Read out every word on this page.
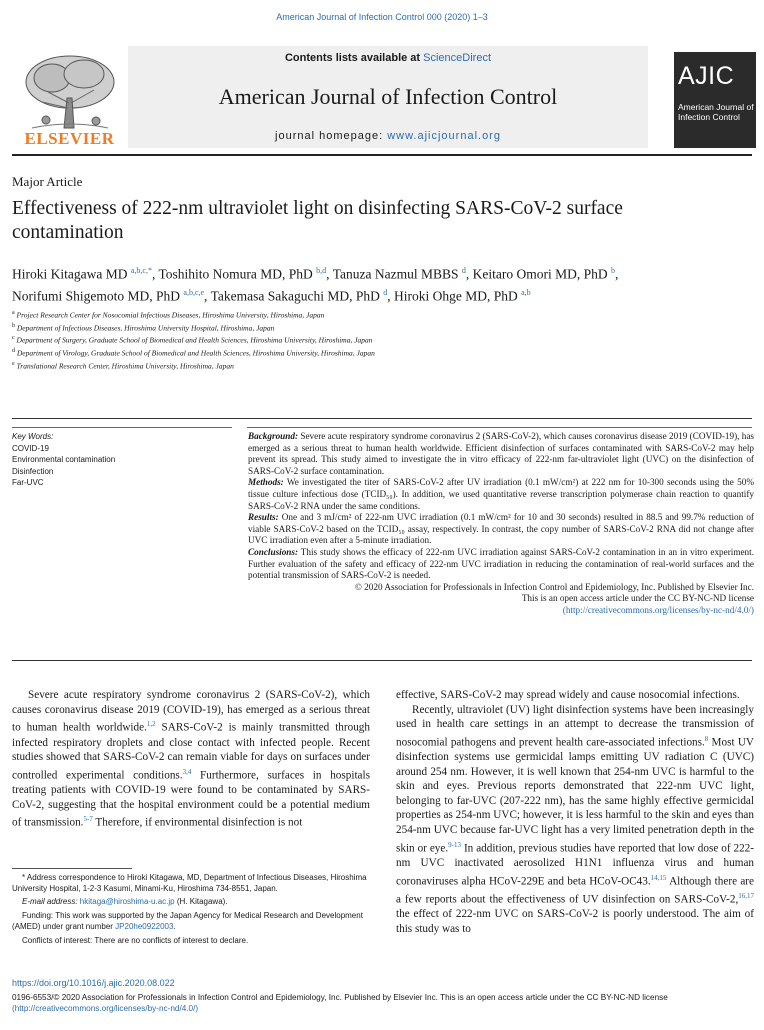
American Journal of Infection Control 000 (2020) 1–3
Contents lists available at ScienceDirect
American Journal of Infection Control
journal homepage: www.ajicjournal.org
ELSEVIER
AJIC
American Journal of Infection Control
Major Article
Effectiveness of 222-nm ultraviolet light on disinfecting SARS-CoV-2 surface contamination
Hiroki Kitagawa MD $^{a,b,c,*}$, Toshihito Nomura MD, PhD $^{b,d}$, Tanuza Nazmul MBBS $^d$, Keitaro Omori MD, PhD $^b$,
Norifumi Shigemoto MD, PhD $^{a,b,c,e}$, Takemasa Sakaguchi MD, PhD $^d$, Hiroki Ohge MD, PhD $^{a,b}$
$^a$ Project Research Center for Nosocomial Infectious Diseases, Hiroshima University, Hiroshima, Japan
$^b$ Department of Infectious Diseases, Hiroshima University Hospital, Hiroshima, Japan
$^c$ Department of Surgery, Graduate School of Biomedical and Health Sciences, Hiroshima University, Hiroshima, Japan
$^d$ Department of Virology, Graduate School of Biomedical and Health Sciences, Hiroshima University, Hiroshima, Japan
$^e$ Translational Research Center, Hiroshima University, Hiroshima, Japan
Key Words:
COVID-19
Environmental contamination
Disinfection
Far-UVC

Background: Severe acute respiratory syndrome coronavirus 2 (SARS-CoV-2), which causes coronavirus disease 2019 (COVID-19), has emerged as a serious threat to human health worldwide. Efficient disinfection of surfaces contaminated with SARS-CoV-2 may help prevent its spread. This study aimed to investigate the in vitro efficacy of 222-nm far-ultraviolet light (UVC) on the disinfection of SARS-CoV-2 surface contamination.

Methods: We investigated the titer of SARS-CoV-2 after UV irradiation (0.1 mW/cm²) at 222 nm for 10-300 seconds using the 50% tissue culture infectious dose (TCID₅₀). In addition, we used quantitative reverse transcription polymerase chain reaction to quantify SARS-CoV-2 RNA under the same conditions.

Results: One and 3 mJ/cm² of 222-nm UVC irradiation (0.1 mW/cm² for 10 and 30 seconds) resulted in 88.5 and 99.7% reduction of viable SARS-CoV-2 based on the TCID₅₀ assay, respectively. In contrast, the copy number of SARS-CoV-2 RNA did not change after UVC irradiation even after a 5-minute irradiation.

Conclusions: This study shows the efficacy of 222-nm UVC irradiation against SARS-CoV-2 contamination in an in vitro experiment. Further evaluation of the safety and efficacy of 222-nm UVC irradiation in reducing the contamination of real-world surfaces and the potential transmission of SARS-CoV-2 is needed.

© 2020 Association for Professionals in Infection Control and Epidemiology, Inc. Published by Elsevier Inc.

This is an open access article under the CC BY-NC-ND license

(http://creativecommons.org/licenses/by-nc-nd/4.0/)

Severe acute respiratory syndrome coronavirus 2 (SARS-CoV-2), which causes coronavirus disease 2019 (COVID-19), has emerged as a serious threat to human health worldwide.$^{1,2}$ SARS-CoV-2 is mainly transmitted through infected respiratory droplets and close contact with infected people. Recent studies showed that SARS-CoV-2 can remain viable for days on surfaces under controlled experimental conditions.$^{3,4}$ Furthermore, surfaces in hospitals treating patients with COVID-19 were found to be contaminated by SARS-CoV-2, suggesting that the hospital environment could be a potential medium of transmission.$^{5-7}$ Therefore, if environmental disinfection is not

effective, SARS-CoV-2 may spread widely and cause nosocomial infections.

Recently, ultraviolet (UV) light disinfection systems have been increasingly used in health care settings in an attempt to decrease the transmission of nosocomial pathogens and prevent health care-associated infections.$^8$ Most UV disinfection systems use germicidal lamps emitting UV radiation C (UVC) around 254 nm. However, it is well known that 254-nm UVC is harmful to the skin and eyes. Previous reports demonstrated that 222-nm UVC light, belonging to far-UVC (207-222 nm), has the same highly effective germicidal properties as 254-nm UVC; however, it is less harmful to the skin and eyes than 254-nm UVC because far-UVC light has a very limited penetration depth in the skin or eye.$^{9-13}$ In addition, previous studies have reported that low dose of 222-nm UVC inactivated aerosolized H1N1 influenza virus and human coronaviruses alpha HCoV-229E and beta HCoV-OC43.$^{14,15}$ Although there are a few reports about the effectiveness of UV disinfection on SARS-CoV-2,$^{16,17}$ the effect of 222-nm UVC on SARS-CoV-2 is poorly understood. The aim of this study was to

* Address correspondence to Hiroki Kitagawa, MD, Department of Infectious Diseases, Hiroshima University Hospital, 1-2-3 Kasumi, Minami-Ku, Hiroshima 734-8551, Japan.

E-mail address: hkitaga@hiroshima-u.ac.jp (H. Kitagawa).

Funding: This work was supported by the Japan Agency for Medical Research and Development (AMED) under grant number JP20he0922003.

Conflicts of interest: There are no conflicts of interest to declare.

https://doi.org/10.1016/j.ajic.2020.08.022
0196-6553/© 2020 Association for Professionals in Infection Control and Epidemiology, Inc. Published by Elsevier Inc. This is an open access article under the CC BY-NC-ND license
(http://creativecommons.org/licenses/by-nc-nd/4.0/)
